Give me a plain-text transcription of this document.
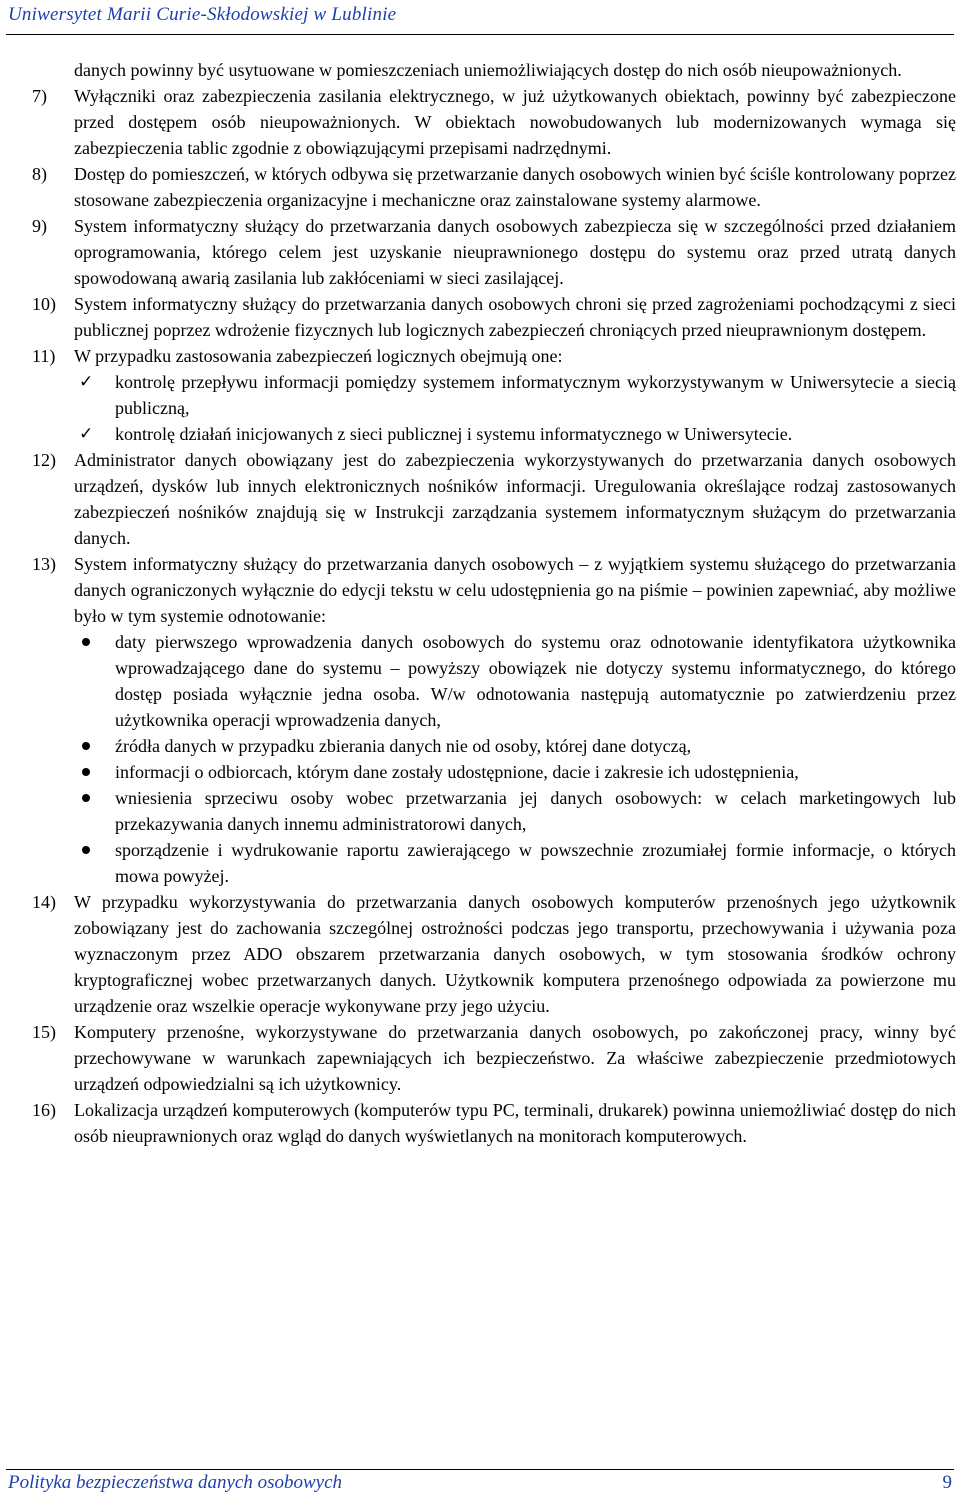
Uniwersytet Marii Curie-Skłodowskiej w Lublinie

danych powinny być usytuowane w pomieszczeniach uniemożliwiających dostęp do nich osób nieupoważnionych.

7) Wyłączniki oraz zabezpieczenia zasilania elektrycznego, w już użytkowanych obiektach, powinny być zabezpieczone przed dostępem osób nieupoważnionych. W obiektach nowobudowanych lub modernizowanych wymaga się zabezpieczenia tablic zgodnie z obowiązującymi przepisami nadrzędnymi.
8) Dostęp do pomieszczeń, w których odbywa się przetwarzanie danych osobowych winien być ściśle kontrolowany poprzez stosowane zabezpieczenia organizacyjne i mechaniczne oraz zainstalowane systemy alarmowe.
9) System informatyczny służący do przetwarzania danych osobowych zabezpiecza się w szczególności przed działaniem oprogramowania, którego celem jest uzyskanie nieuprawnionego dostępu do systemu oraz przed utratą danych spowodowaną awarią zasilania lub zakłóceniami w sieci zasilającej.
10) System informatyczny służący do przetwarzania danych osobowych chroni się przed zagrożeniami pochodzącymi z sieci publicznej poprzez wdrożenie fizycznych lub logicznych zabezpieczeń chroniących przed nieuprawnionym dostępem.
11) W przypadku zastosowania zabezpieczeń logicznych obejmują one:
✓ kontrolę przepływu informacji pomiędzy systemem informatycznym wykorzystywanym w Uniwersytecie a siecią publiczną,
✓ kontrolę działań inicjowanych z sieci publicznej i systemu informatycznego w Uniwersytecie.
12) Administrator danych obowiązany jest do zabezpieczenia wykorzystywanych do przetwarzania danych osobowych urządzeń, dysków lub innych elektronicznych nośników informacji. Uregulowania określające rodzaj zastosowanych zabezpieczeń nośników znajdują się w Instrukcji zarządzania systemem informatycznym służącym do przetwarzania danych.
13) System informatyczny służący do przetwarzania danych osobowych – z wyjątkiem systemu służącego do przetwarzania danych ograniczonych wyłącznie do edycji tekstu w celu udostępnienia go na piśmie – powinien zapewniać, aby możliwe było w tym systemie odnotowanie:
daty pierwszego wprowadzenia danych osobowych do systemu oraz odnotowanie identyfikatora użytkownika wprowadzającego dane do systemu – powyższy obowiązek nie dotyczy systemu informatycznego, do którego dostęp posiada wyłącznie jedna osoba. W/w odnotowania następują automatycznie po zatwierdzeniu przez użytkownika operacji wprowadzenia danych,
źródła danych w przypadku zbierania danych nie od osoby, której dane dotyczą,
informacji o odbiorcach, którym dane zostały udostępnione, dacie i zakresie ich udostępnienia,
wniesienia sprzeciwu osoby wobec przetwarzania jej danych osobowych: w celach marketingowych lub przekazywania danych innemu administratorowi danych,
sporządzenie i wydrukowanie raportu zawierającego w powszechnie zrozumiałej formie informacje, o których mowa powyżej.
14) W przypadku wykorzystywania do przetwarzania danych osobowych komputerów przenośnych jego użytkownik zobowiązany jest do zachowania szczególnej ostrożności podczas jego transportu, przechowywania i używania poza wyznaczonym przez ADO obszarem przetwarzania danych osobowych, w tym stosowania środków ochrony kryptograficznej wobec przetwarzanych danych. Użytkownik komputera przenośnego odpowiada za powierzone mu urządzenie oraz wszelkie operacje wykonywane przy jego użyciu.
15) Komputery przenośne, wykorzystywane do przetwarzania danych osobowych, po zakończonej pracy, winny być przechowywane w warunkach zapewniających ich bezpieczeństwo. Za właściwe zabezpieczenie przedmiotowych urządzeń odpowiedzialni są ich użytkownicy.
16) Lokalizacja urządzeń komputerowych (komputerów typu PC, terminali, drukarek) powinna uniemożliwiać dostęp do nich osób nieuprawnionych oraz wgląd do danych wyświetlanych na monitorach komputerowych.
Polityka bezpieczeństwa danych osobowych	9
